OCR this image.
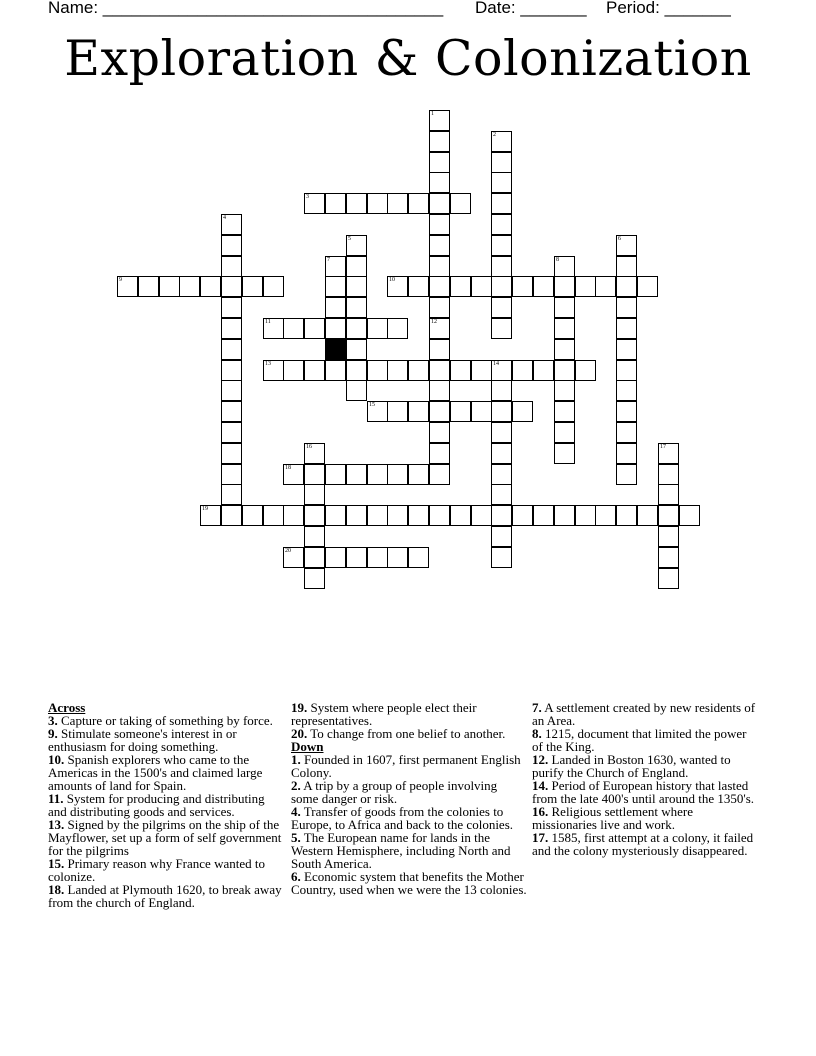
Name: ____________________________________ Date: _______ Period: _______
Exploration & Colonization
1
12
2
3
4
5	6
7	8
9	10
11
13	14
15
16	17
18
19
20
Across
3. Capture or taking of something by force.
9. Stimulate someone's interest in or enthusiasm for doing something.
10. Spanish explorers who came to the Americas in the 1500's and claimed large amounts of land for Spain.
11. System for producing and distributing and distributing goods and services.
13. Signed by the pilgrims on the ship of the Mayflower, set up a form of self government for the pilgrims
15. Primary reason why France wanted to colonize.
18. Landed at Plymouth 1620, to break away from the church of England.
19. System where people elect their representatives.
20. To change from one belief to another.
Down
1. Founded in 1607, first permanent English Colony.
2. A trip by a group of people involving some danger or risk.
4. Transfer of goods from the colonies to Europe, to Africa and back to the colonies.
5. The European name for lands in the Western Hemisphere, including North and South America.
6. Economic system that benefits the Mother Country, used when we were the 13 colonies.
7. A settlement created by new residents of an Area.
8. 1215, document that limited the power of the King.
12. Landed in Boston 1630, wanted to purify the Church of England.
14. Period of European history that lasted from the late 400's until around the 1350's.
16. Religious settlement where missionaries live and work.
17. 1585, first attempt at a colony, it failed and the colony mysteriously disappeared.
